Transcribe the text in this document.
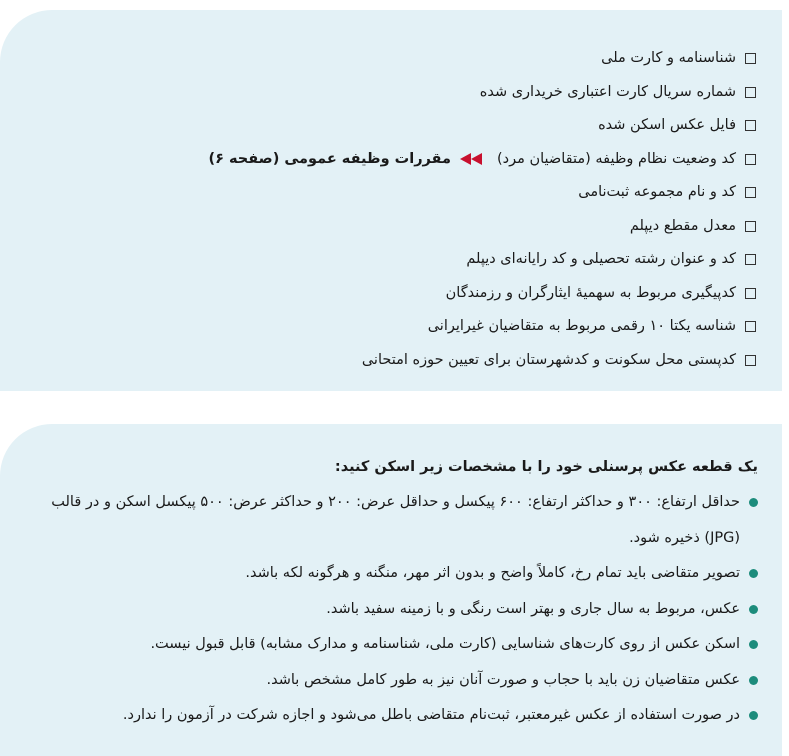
شناسنامه و کارت ملی
شماره سریال کارت اعتباری خریداری شده
فایل عکس اسکن شده
کد وضعیت نظام وظیفه (متقاضیان مرد)
مقررات وظیفه عمومی (صفحه ۶)
کد و نام مجموعه ثبت‌نامی
معدل مقطع دیپلم
کد و عنوان رشته تحصیلی و کد رایانه‌ای دیپلم
کدپیگیری مربوط به سهمیهٔ ایثارگران و رزمندگان
شناسه یکتا ۱۰ رقمی مربوط به متقاضیان غیرایرانی
کدپستی محل سکونت و کدشهرستان برای تعیین حوزه امتحانی
یک قطعه عکس پرسنلی خود را با مشخصات زیر اسکن کنید:
حداقل ارتفاع: ۳۰۰ و حداکثر ارتفاع: ۶۰۰ پیکسل و حداقل عرض: ۲۰۰ و حداکثر عرض: ۵۰۰ پیکسل اسکن و در قالب (JPG) ذخیره شود.
تصویر متقاضی باید تمام رخ، کاملاً واضح و بدون اثر مهر، منگنه و هرگونه لکه باشد.
عکس، مربوط به سال جاری و بهتر است رنگی و با زمینه سفید باشد.
اسکن عکس از روی کارت‌های شناسایی (کارت ملی، شناسنامه و مدارک مشابه) قابل قبول نیست.
عکس متقاضیان زن باید با حجاب و صورت آنان نیز به طور کامل مشخص باشد.
در صورت استفاده از عکس غیرمعتبر، ثبت‌نام متقاضی باطل می‌شود و اجازه شرکت در آزمون را ندارد.
